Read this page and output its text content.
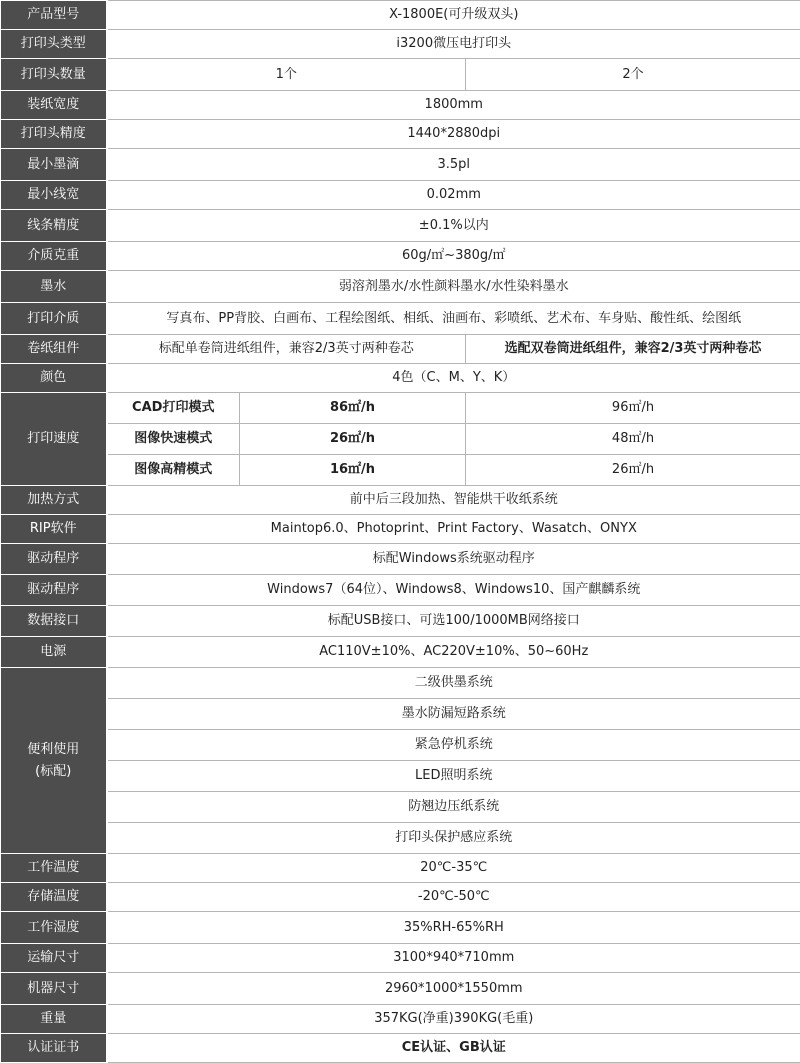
产品型号	X-1800E(可升级双头)		
打印头类型	i3200微压电打印头		
打印头数量	1个		2个
装纸宽度	1800mm		
打印头精度	1440*2880dpi		
最小墨滴	3.5pl		
最小线宽	0.02mm		
线条精度	±0.1%以内		
介质克重	60g/㎡~380g/㎡		
墨水	弱溶剂墨水/水性颜料墨水/水性染料墨水		
打印介质	写真布、PP背胶、白画布、工程绘图纸、相纸、油画布、彩喷纸、艺术布、车身贴、酸性纸、绘图纸		
卷纸组件	标配单卷筒进纸组件，兼容2/3英寸两种卷芯		选配双卷筒进纸组件，兼容2/3英寸两种卷芯
颜色	4色（C、M、Y、K）		
打印速度	CAD打印模式	86㎡/h	96㎡/h
	图像快速模式	26㎡/h	48㎡/h
	图像高精模式	16㎡/h	26㎡/h
加热方式	前中后三段加热、智能烘干收纸系统		
RIP软件	Maintop6.0、Photoprint、Print Factory、Wasatch、ONYX		
驱动程序	标配Windows系统驱动程序		
驱动程序	Windows7（64位）、Windows8、Windows10、国产麒麟系统		
数据接口	标配USB接口、可选100/1000MB网络接口		
电源	AC110V±10%、AC220V±10%、50~60Hz		
便利使用
(标配)	二级供墨系统		
	墨水防漏短路系统		
	紧急停机系统		
	LED照明系统		
	防翘边压纸系统		
	打印头保护感应系统		
工作温度	20℃-35℃		
存储温度	-20℃-50℃		
工作湿度	35%RH-65%RH		
运输尺寸	3100*940*710mm		
机器尺寸	2960*1000*1550mm		
重量	357KG(净重)390KG(毛重)		
认证证书	CE认证、GB认证		
